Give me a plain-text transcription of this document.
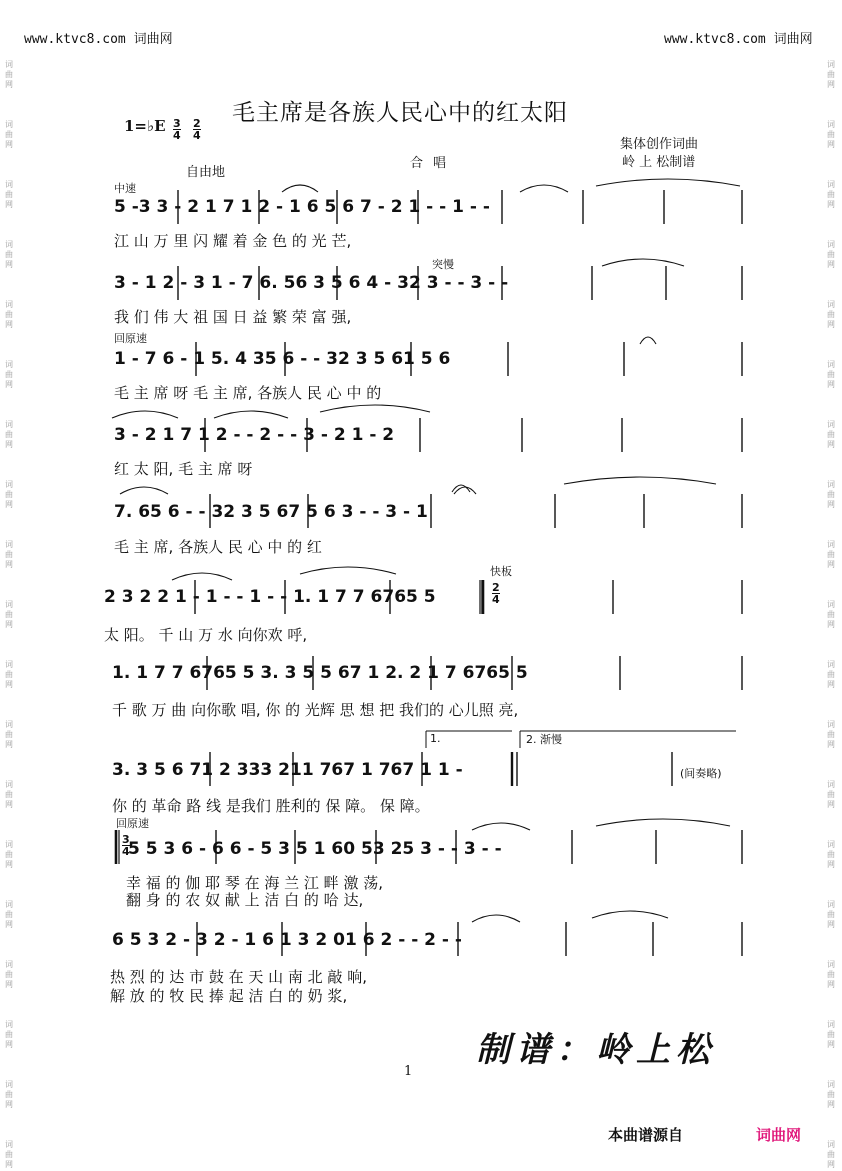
www.ktvc8.com 词曲网	www.ktvc8.com 词曲网
词
曲
网
词
曲
网
词
曲
网
词
曲
网
词
曲
网
词
曲
网
词
曲
网
词
曲
网
词
曲
网
词
曲
网
词
曲
网
词
曲
网
词
曲
网
词
曲
网
词
曲
网
词
曲
网
词
曲
网
词
曲
网
词
曲
网
词
曲
网
词
曲
网
词
曲
网
词
曲
网
词
曲
网
词
曲
网
词
曲
网
词
曲
网
词
曲
网
词
曲
网
词
曲
网
词
曲
网
词
曲
网
词
曲
网
词
曲
网
词
曲
网
词
曲
网
词
曲
网
词
曲
网
毛主席是各族人民心中的红太阳
1=♭E 3
4
2
4
集体创作词曲
岭 上 松制谱
合唱
自由地
中速
突慢
回原速
快板
1.	2. 渐慢
(间奏略)
回原速
5 -3 3 - 2 1 7 1 2 - 1 6 5 6 7 - 2 1 - - 1 - -
江 山 万 里 闪 耀 着 金 色 的 光 芒,
3 - 1 2 - 3 1 - 7 6. 56 3 5 6 4 - 32 3 - - 3 - -
我 们 伟 大 祖 国 日 益 繁 荣 富 强,
1 - 7 6 - 1 5. 4 35 6 - - 32 3 5 61 5 6
毛 主 席 呀 毛 主 席, 各族人 民 心 中 的
3 - 2 1 7 1 2 - - 2 - - 3 - 2 1 - 2
红 太 阳, 毛 主 席 呀
7. 65 6 - - 32 3 5 67 5 6 3 - - 3 - 1
毛 主 席, 各族人 民 心 中 的 红
2 3 2 2 1 - 1 - - 1 - - 1. 1 7 7 6765 5
太 阳。 千 山 万 水 向你欢 呼,
1. 1 7 7 6765 5 3. 3 5 5 67 1 2. 2 1 7 6765 5
千 歌 万 曲 向你歌 唱, 你 的 光辉 思 想 把 我们的 心儿照 亮,
3. 3 5 6 71 2 333 211 767 1 767 1 1 -
你 的 革命 路 线 是我们 胜利的 保 障。 保 障。
5 5 3 6 - 6 6 - 5 3 5 1 60 53 25 3 - - 3 - -
幸 福 的 伽 耶 琴 在 海 兰 江 畔 激 荡,
翻 身 的 农 奴 献 上 洁 白 的 哈 达,
6 5 3 2 - 3 2 - 1 6 1 3 2 01 6 2 - - 2 - -
热 烈 的 达 市 鼓 在 天 山 南 北 敲 响,
解 放 的 牧 民 捧 起 洁 白 的 奶 浆,
2
4
3
4
制谱：岭上松
1
本曲谱源自	词曲网
